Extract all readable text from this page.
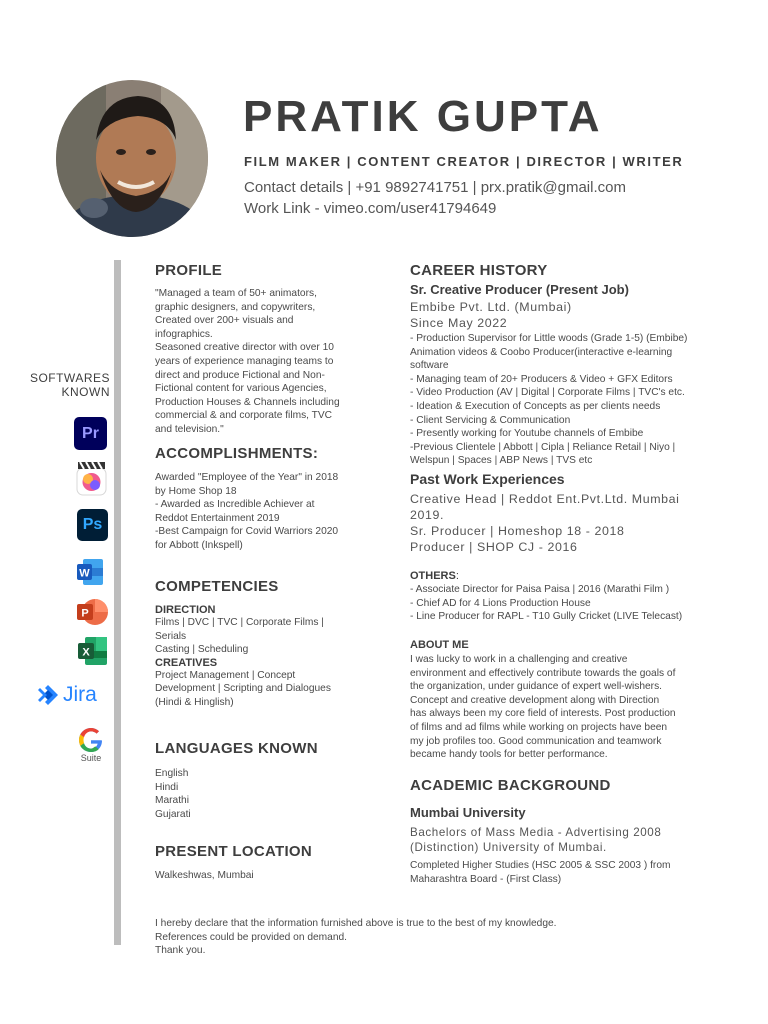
PRATIK GUPTA
FILM MAKER | CONTENT CREATOR | DIRECTOR | WRITER
Contact details | +91 9892741751 | prx.pratik@gmail.com
Work Link - vimeo.com/user41794649
SOFTWARES
KNOWN
Pr
Ps
W
P
X
Jira
Suite
PROFILE
"Managed a team of 50+ animators,
graphic designers, and copywriters,
Created over 200+ visuals and
infographics.
Seasoned creative director with over 10
years of experience managing teams to
direct and produce Fictional and Non-
Fictional content for various Agencies,
Production Houses & Channels including
commercial & and corporate films, TVC
and television."
ACCOMPLISHMENTS:
Awarded "Employee of the Year" in 2018
by Home Shop 18
- Awarded as Incredible Achiever at
Reddot Entertainment 2019
-Best Campaign for Covid Warriors 2020
for Abbott (Inkspell)
COMPETENCIES
DIRECTION
Films | DVC | TVC | Corporate Films |
Serials
Casting | Scheduling
CREATIVES
Project Management | Concept
Development | Scripting and Dialogues
(Hindi & Hinglish)
LANGUAGES KNOWN
English
Hindi
Marathi
Gujarati
PRESENT LOCATION
Walkeshwas, Mumbai
CAREER HISTORY
Sr. Creative Producer (Present Job)
Embibe Pvt. Ltd. (Mumbai)
Since May 2022
- Production Supervisor for Little woods (Grade 1-5) (Embibe)
Animation videos & Coobo Producer(interactive e-learning
software
- Managing team of 20+ Producers & Video + GFX Editors
- Video Production (AV | Digital | Corporate Films | TVC's etc.
- Ideation & Execution of Concepts as per clients needs
- Client Servicing & Communication
- Presently working for Youtube channels of Embibe
-Previous Clientele | Abbott | Cipla | Reliance Retail | Niyo |
Welspun | Spaces | ABP News | TVS etc
Past Work Experiences
Creative Head | Reddot Ent.Pvt.Ltd. Mumbai
2019.
Sr. Producer | Homeshop 18 - 2018
Producer | SHOP CJ - 2016
OTHERS:
- Associate Director for Paisa Paisa | 2016 (Marathi Film )
- Chief AD for 4 Lions Production House
- Line Producer for RAPL - T10 Gully Cricket (LIVE Telecast)
ABOUT ME
I was lucky to work in a challenging and creative
environment and effectively contribute towards the goals of
the organization, under guidance of expert well-wishers.
Concept and creative development along with Direction
has always been my core field of interests. Post production
of films and ad films while working on projects have been
my job profiles too. Good communication and teamwork
became handy tools for better performance.
ACADEMIC BACKGROUND
Mumbai University
Bachelors of Mass Media - Advertising 2008
(Distinction) University of Mumbai.
Completed Higher Studies (HSC 2005 & SSC 2003 ) from
Maharashtra Board - (First Class)
I hereby declare that the information furnished above is true to the best of my knowledge.
References could be provided on demand.
Thank you.
